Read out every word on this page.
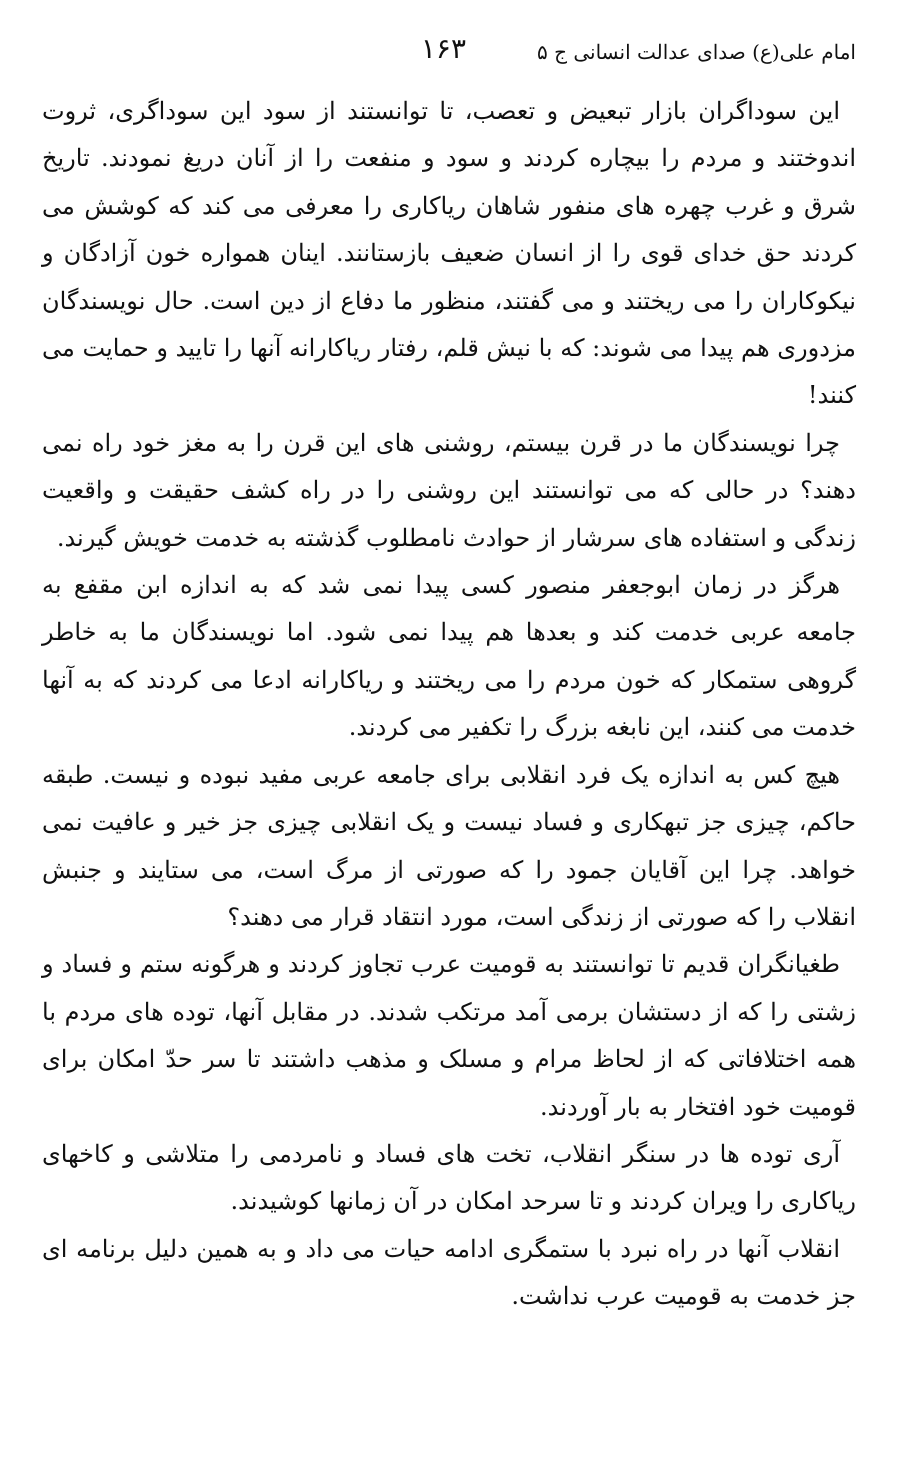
امام علی(ع) صدای عدالت انسانی ج ۵
۱۶۳

این سوداگران بازار تبعیض و تعصب، تا توانستند از سود این سوداگری، ثروت اندوختند و مردم را بیچاره کردند و سود و منفعت را از آنان دریغ نمودند. تاریخ شرق و غرب چهره های منفور شاهان ریاکاری را معرفی می کند که کوشش می کردند حق خدای قوی را از انسان ضعیف بازستانند. اینان همواره خون آزادگان و نیکوکاران را می ریختند و می گفتند، منظور ما دفاع از دین است. حال نویسندگان مزدوری هم پیدا می شوند: که با نیش قلم، رفتار ریاکارانه آنها را تایید و حمایت می کنند!

چرا نویسندگان ما در قرن بیستم، روشنی های این قرن را به مغز خود راه نمی دهند؟ در حالی که می توانستند این روشنی را در راه کشف حقیقت و واقعیت زندگی و استفاده های سرشار از حوادث نامطلوب گذشته به خدمت خویش گیرند.

هرگز در زمان ابوجعفر منصور کسی پیدا نمی شد که به اندازه ابن مقفع به جامعه عربی خدمت کند و بعدها هم پیدا نمی شود. اما نویسندگان ما به خاطر گروهی ستمکار که خون مردم را می ریختند و ریاکارانه ادعا می کردند که به آنها خدمت می کنند، این نابغه بزرگ را تکفیر می کردند.

هیچ کس به اندازه یک فرد انقلابی برای جامعه عربی مفید نبوده و نیست. طبقه حاکم، چیزی جز تبهکاری و فساد نیست و یک انقلابی چیزی جز خیر و عافیت نمی خواهد. چرا این آقایان جمود را که صورتی از مرگ است، می ستایند و جنبش انقلاب را که صورتی از زندگی است، مورد انتقاد قرار می دهند؟

طغیانگران قدیم تا توانستند به قومیت عرب تجاوز کردند و هرگونه ستم و فساد و زشتی را که از دستشان برمی آمد مرتکب شدند. در مقابل آنها، توده های مردم با همه اختلافاتی که از لحاظ مرام و مسلک و مذهب داشتند تا سر حدّ امکان برای قومیت خود افتخار به بار آوردند.

آری توده ها در سنگر انقلاب، تخت های فساد و نامردمی را متلاشی و کاخهای ریاکاری را ویران کردند و تا سرحد امکان در آن زمانها کوشیدند.

انقلاب آنها در راه نبرد با ستمگری ادامه حیات می داد و به همین دلیل برنامه ای جز خدمت به قومیت عرب نداشت.
